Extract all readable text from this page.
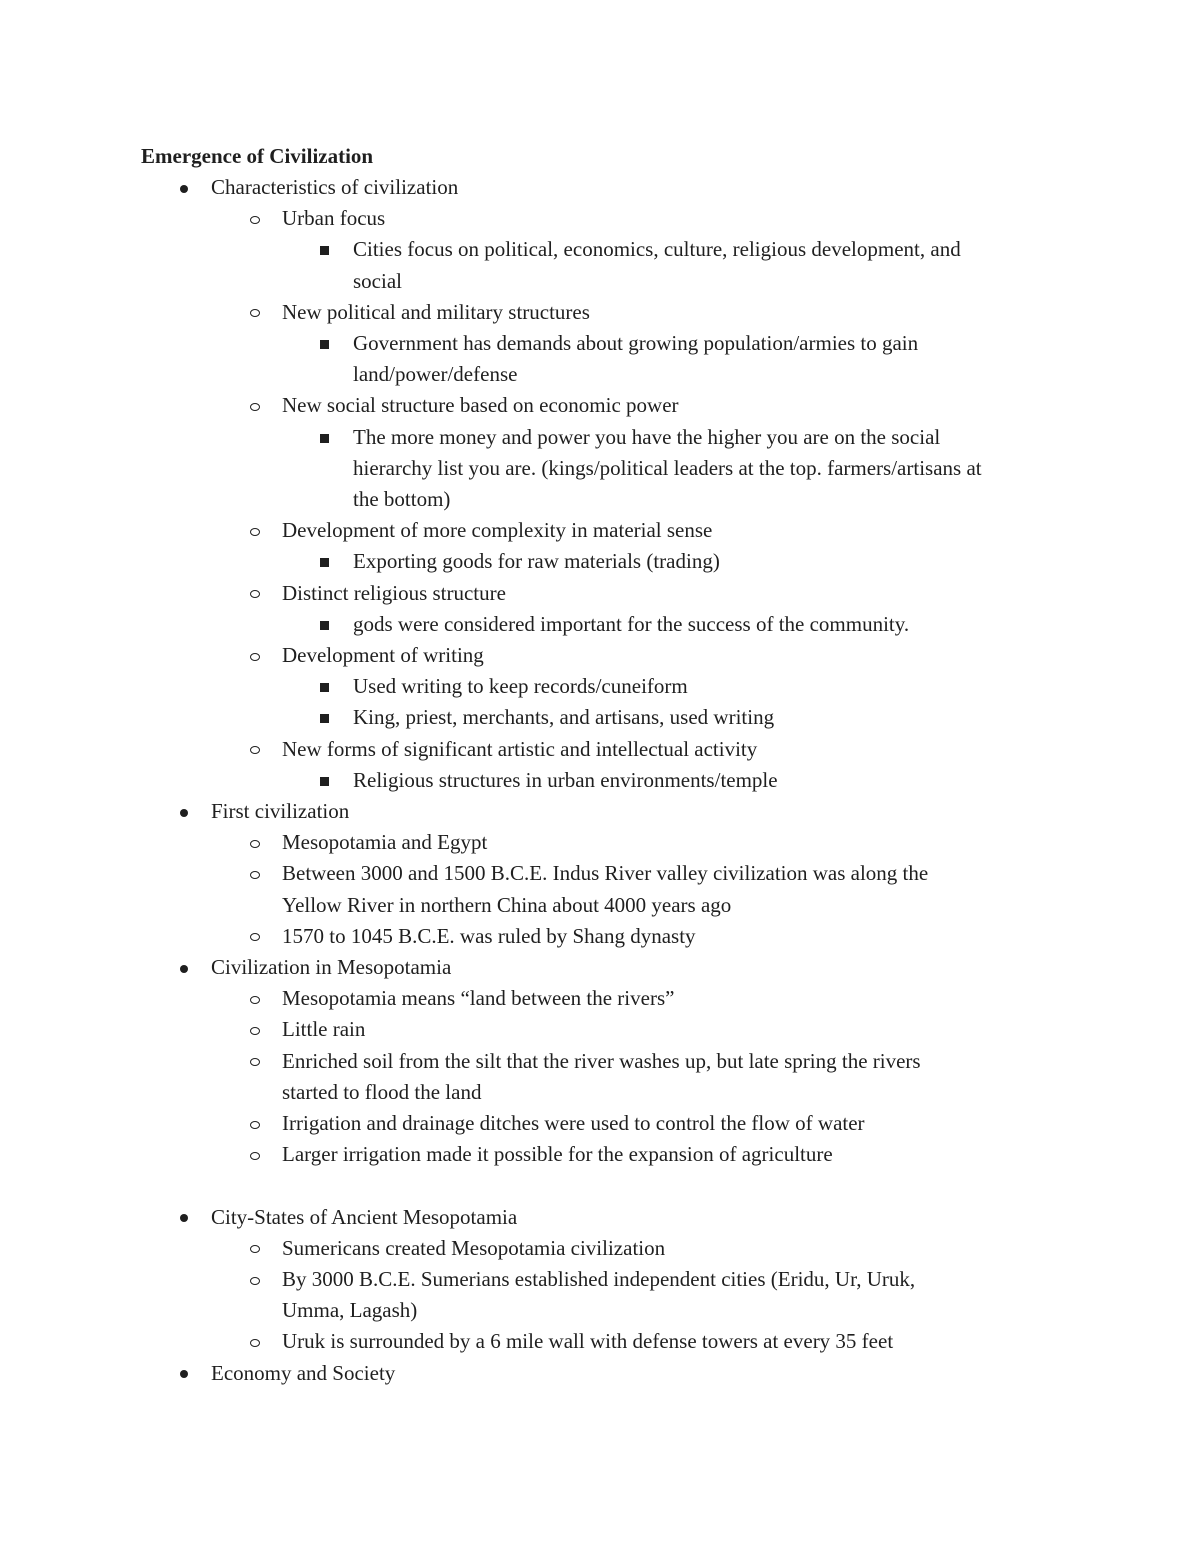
Emergence of Civilization
Characteristics of civilization
Urban focus
Cities focus on political, economics, culture, religious development, and
social
New political and military structures
Government has demands about growing population/armies to gain
land/power/defense
New social structure based on economic power
The more money and power you have the higher you are on the social
hierarchy list you are. (kings/political leaders at the top. farmers/artisans at
the bottom)
Development of more complexity in material sense
Exporting goods for raw materials (trading)
Distinct religious structure
gods were considered important for the success of the community.
Development of writing
Used writing to keep records/cuneiform
King, priest, merchants, and artisans, used writing
New forms of significant artistic and intellectual activity
Religious structures in urban environments/temple
First civilization
Mesopotamia and Egypt
Between 3000 and 1500 B.C.E. Indus River valley civilization was along the
Yellow River in northern China about 4000 years ago
1570 to 1045 B.C.E. was ruled by Shang dynasty
Civilization in Mesopotamia
Mesopotamia means “land between the rivers”
Little rain
Enriched soil from the silt that the river washes up, but late spring the rivers
started to flood the land
Irrigation and drainage ditches were used to control the flow of water
Larger irrigation made it possible for the expansion of agriculture
City-States of Ancient Mesopotamia
Sumericans created Mesopotamia civilization
By 3000 B.C.E. Sumerians established independent cities (Eridu, Ur, Uruk,
Umma, Lagash)
Uruk is surrounded by a 6 mile wall with defense towers at every 35 feet
Economy and Society
